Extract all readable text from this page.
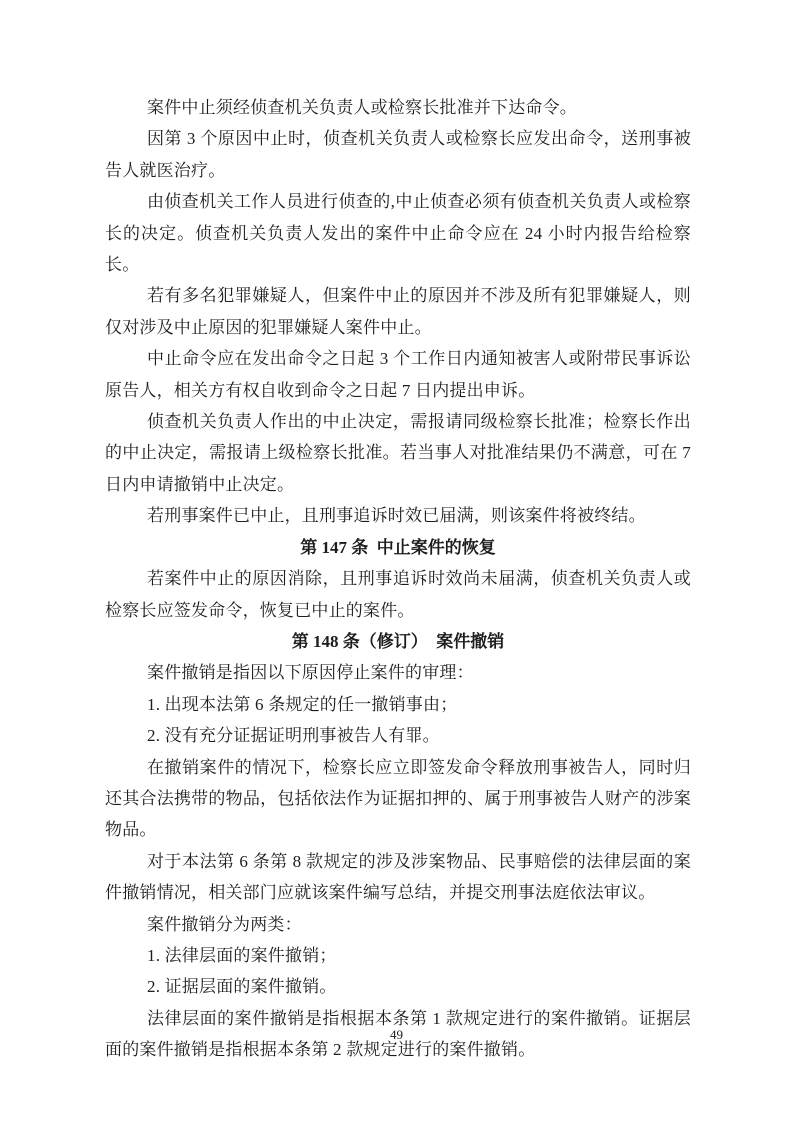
案件中止须经侦查机关负责人或检察长批准并下达命令。

因第 3 个原因中止时，侦查机关负责人或检察长应发出命令，送刑事被告人就医治疗。

由侦查机关工作人员进行侦查的,中止侦查必须有侦查机关负责人或检察长的决定。侦查机关负责人发出的案件中止命令应在 24 小时内报告给检察长。

若有多名犯罪嫌疑人，但案件中止的原因并不涉及所有犯罪嫌疑人，则仅对涉及中止原因的犯罪嫌疑人案件中止。

中止命令应在发出命令之日起 3 个工作日内通知被害人或附带民事诉讼原告人，相关方有权自收到命令之日起 7 日内提出申诉。

侦查机关负责人作出的中止决定，需报请同级检察长批准；检察长作出的中止决定，需报请上级检察长批准。若当事人对批准结果仍不满意，可在 7 日内申请撤销中止决定。

若刑事案件已中止，且刑事追诉时效已届满，则该案件将被终结。

第 147 条  中止案件的恢复

若案件中止的原因消除，且刑事追诉时效尚未届满，侦查机关负责人或检察长应签发命令，恢复已中止的案件。

第 148 条（修订）  案件撤销

案件撤销是指因以下原因停止案件的审理：

1. 出现本法第 6 条规定的任一撤销事由；

2. 没有充分证据证明刑事被告人有罪。

在撤销案件的情况下，检察长应立即签发命令释放刑事被告人，同时归还其合法携带的物品，包括依法作为证据扣押的、属于刑事被告人财产的涉案物品。

对于本法第 6 条第 8 款规定的涉及涉案物品、民事赔偿的法律层面的案件撤销情况，相关部门应就该案件编写总结，并提交刑事法庭依法审议。

案件撤销分为两类：

1. 法律层面的案件撤销；

2. 证据层面的案件撤销。

法律层面的案件撤销是指根据本条第 1 款规定进行的案件撤销。证据层面的案件撤销是指根据本条第 2 款规定进行的案件撤销。

49
